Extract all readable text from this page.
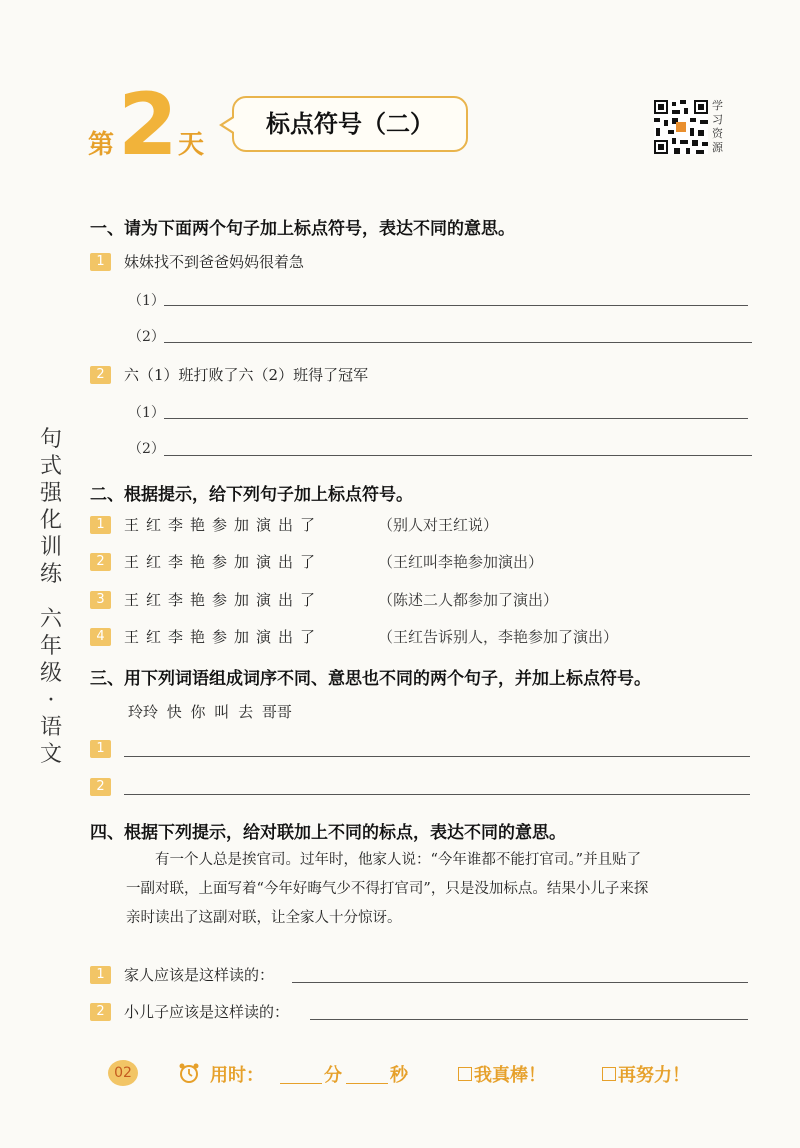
第 2 天
标点符号（二）
学习资源
句
式
强
化
训
练
六
年
级
·
语
文
一、请为下面两个句子加上标点符号，表达不同的意思。
1	妹妹找不到爸爸妈妈很着急
（1）
（2）
2	六（1）班打败了六（2）班得了冠军
（1）
（2）
二、根据提示，给下列句子加上标点符号。
1	王红李艳参加演出了	（别人对王红说）
2	王红李艳参加演出了	（王红叫李艳参加演出）
3	王红李艳参加演出了	（陈述二人都参加了演出）
4	王红李艳参加演出了	（王红告诉别人，李艳参加了演出）
三、用下列词语组成词序不同、意思也不同的两个句子，并加上标点符号。
玲玲 快 你 叫 去 哥哥
1
2
四、根据下列提示，给对联加上不同的标点，表达不同的意思。
有一个人总是挨官司。过年时，他家人说：“今年谁都不能打官司。”并且贴了
一副对联，上面写着“今年好晦气少不得打官司”，只是没加标点。结果小儿子来探
亲时读出了这副对联，让全家人十分惊讶。
1	家人应该是这样读的：
2	小儿子应该是这样读的：
02	用时：	分	秒	我真棒！	再努力！
